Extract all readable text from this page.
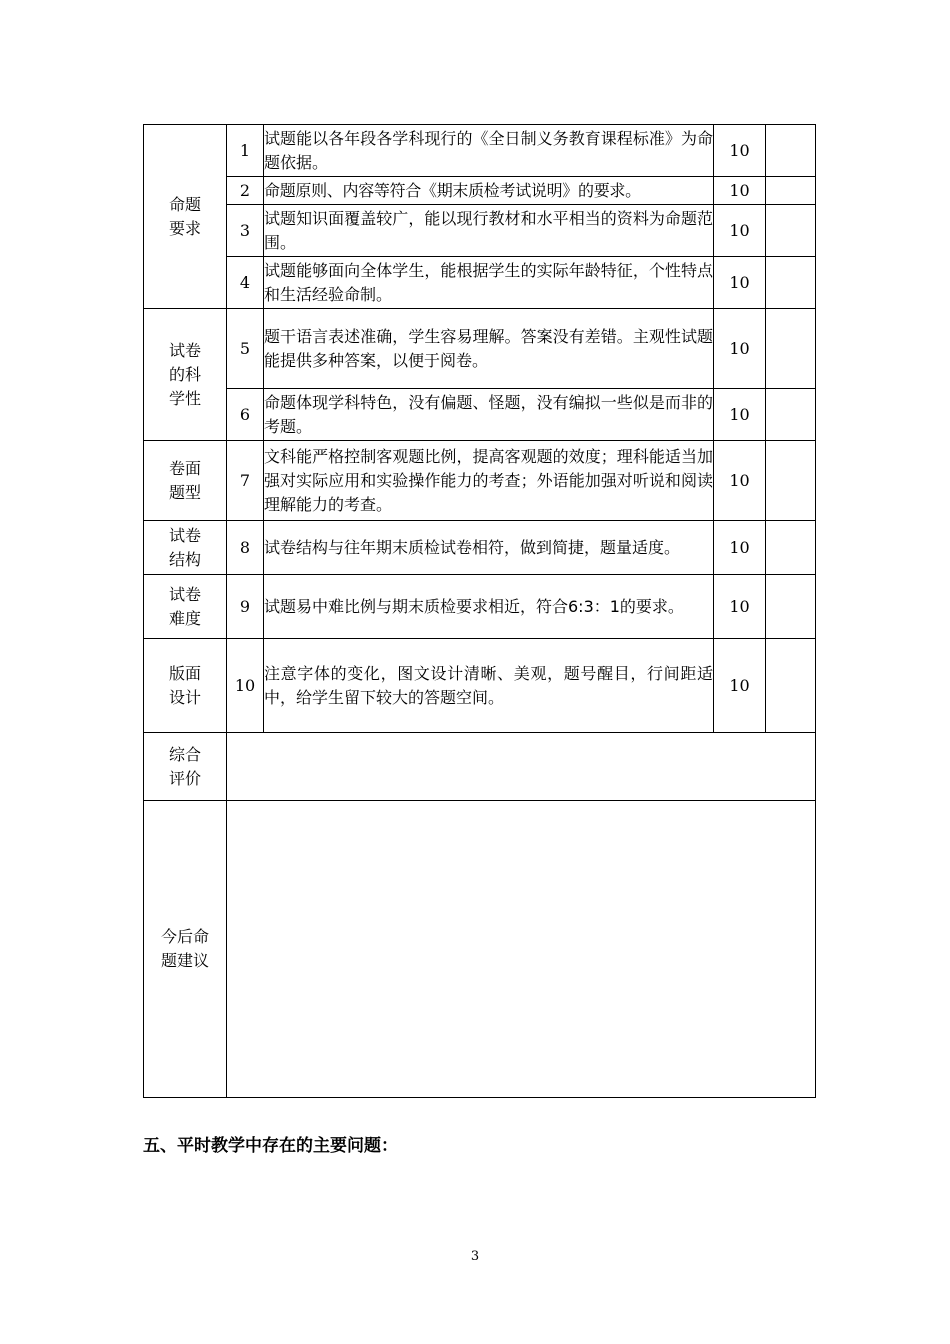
命题
要求	1	试题能以各年段各学科现行的《全日制义务教育课程标准》为命题依据。	10	
	2	命题原则、内容等符合《期末质检考试说明》的要求。	10	
	3	试题知识面覆盖较广，能以现行教材和水平相当的资料为命题范围。	10	
	4	试题能够面向全体学生，能根据学生的实际年龄特征，个性特点和生活经验命制。	10	
试卷
的科
学性	5	题干语言表述准确，学生容易理解。答案没有差错。主观性试题能提供多种答案，以便于阅卷。	10	
	6	命题体现学科特色，没有偏题、怪题，没有编拟一些似是而非的考题。	10	
卷面
题型	7	文科能严格控制客观题比例，提高客观题的效度；理科能适当加强对实际应用和实验操作能力的考查；外语能加强对听说和阅读理解能力的考查。	10	
试卷
结构	8	试卷结构与往年期末质检试卷相符，做到简捷，题量适度。	10	
试卷
难度	9	试题易中难比例与期末质检要求相近，符合6:3：1的要求。	10	
版面
设计	10	注意字体的变化，图文设计清晰、美观，题号醒目，行间距适中，给学生留下较大的答题空间。	10	
综合
评价				
今后命
题建议				
五、平时教学中存在的主要问题：
3
